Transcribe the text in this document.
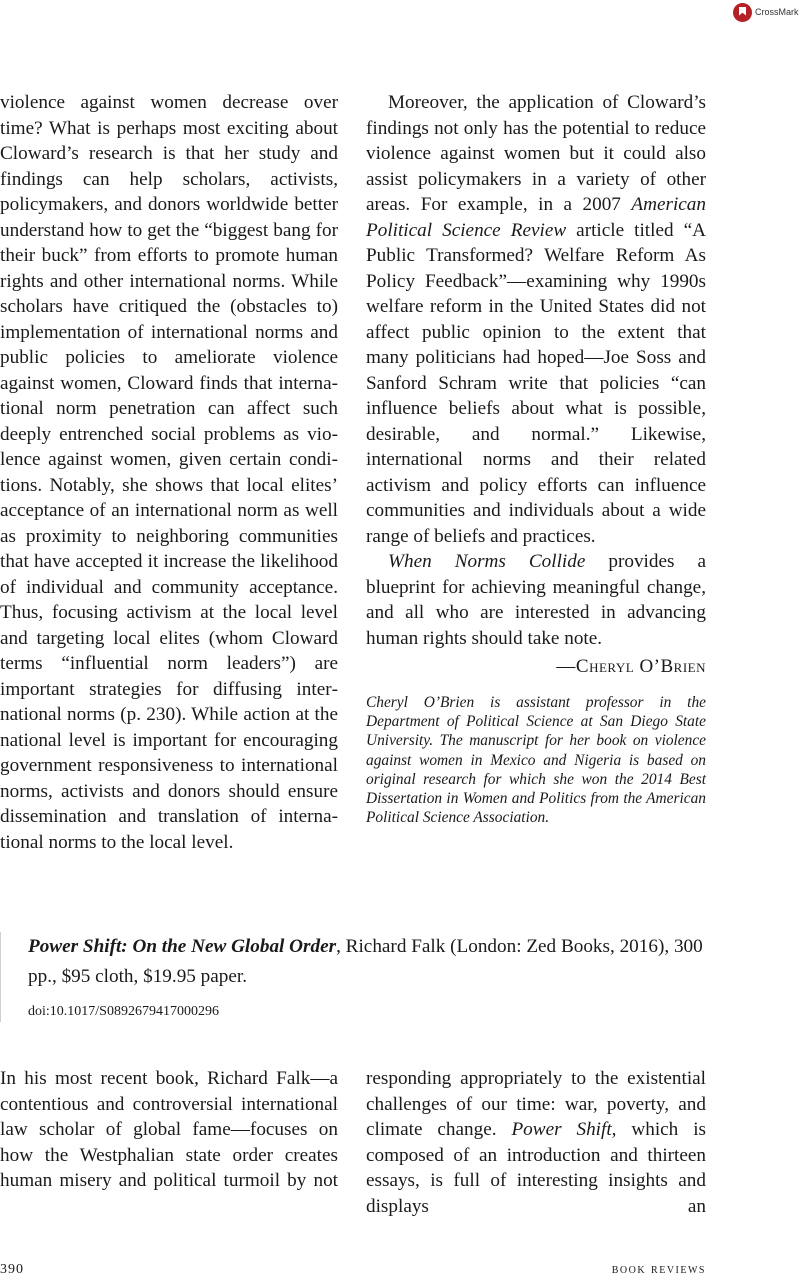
CrossMark

violence against women decrease over time? What is perhaps most exciting about Cloward’s research is that her study and findings can help scholars, activists, policymakers, and donors worldwide better understand how to get the “biggest bang for their buck” from efforts to promote human rights and other international norms. While scholars have critiqued the (obstacles to) implementation of international norms and public policies to ameliorate violence against women, Cloward finds that international norm penetration can affect such deeply entrenched social problems as violence against women, given certain conditions. Notably, she shows that local elites’ acceptance of an international norm as well as proximity to neighboring communities that have accepted it increase the likelihood of individual and community acceptance. Thus, focusing activism at the local level and targeting local elites (whom Cloward terms “influential norm leaders”) are important strategies for diffusing international norms (p. 230). While action at the national level is important for encouraging government responsiveness to international norms, activists and donors should ensure dissemination and translation of international norms to the local level.

Moreover, the application of Cloward’s findings not only has the potential to reduce violence against women but it could also assist policymakers in a variety of other areas. For example, in a 2007 American Political Science Review article titled “A Public Transformed? Welfare Reform As Policy Feedback”—examining why 1990s welfare reform in the United States did not affect public opinion to the extent that many politicians had hoped—Joe Soss and Sanford Schram write that policies “can influence beliefs about what is possible, desirable, and normal.” Likewise, international norms and their related activism and policy efforts can influence communities and individuals about a wide range of beliefs and practices.

When Norms Collide provides a blueprint for achieving meaningful change, and all who are interested in advancing human rights should take note.

—Cheryl O’Brien
Cheryl O’Brien is assistant professor in the Department of Political Science at San Diego State University. The manuscript for her book on violence against women in Mexico and Nigeria is based on original research for which she won the 2014 Best Dissertation in Women and Politics from the American Political Science Association.

Power Shift: On the New Global Order, Richard Falk (London: Zed Books, 2016), 300 pp., $95 cloth, $19.95 paper.

doi:10.1017/S0892679417000296

In his most recent book, Richard Falk—a contentious and controversial international law scholar of global fame—focuses on how the Westphalian state order creates human misery and political turmoil by not

responding appropriately to the existential challenges of our time: war, poverty, and climate change. Power Shift, which is composed of an introduction and thirteen essays, is full of interesting insights and displays an

390	book reviews
